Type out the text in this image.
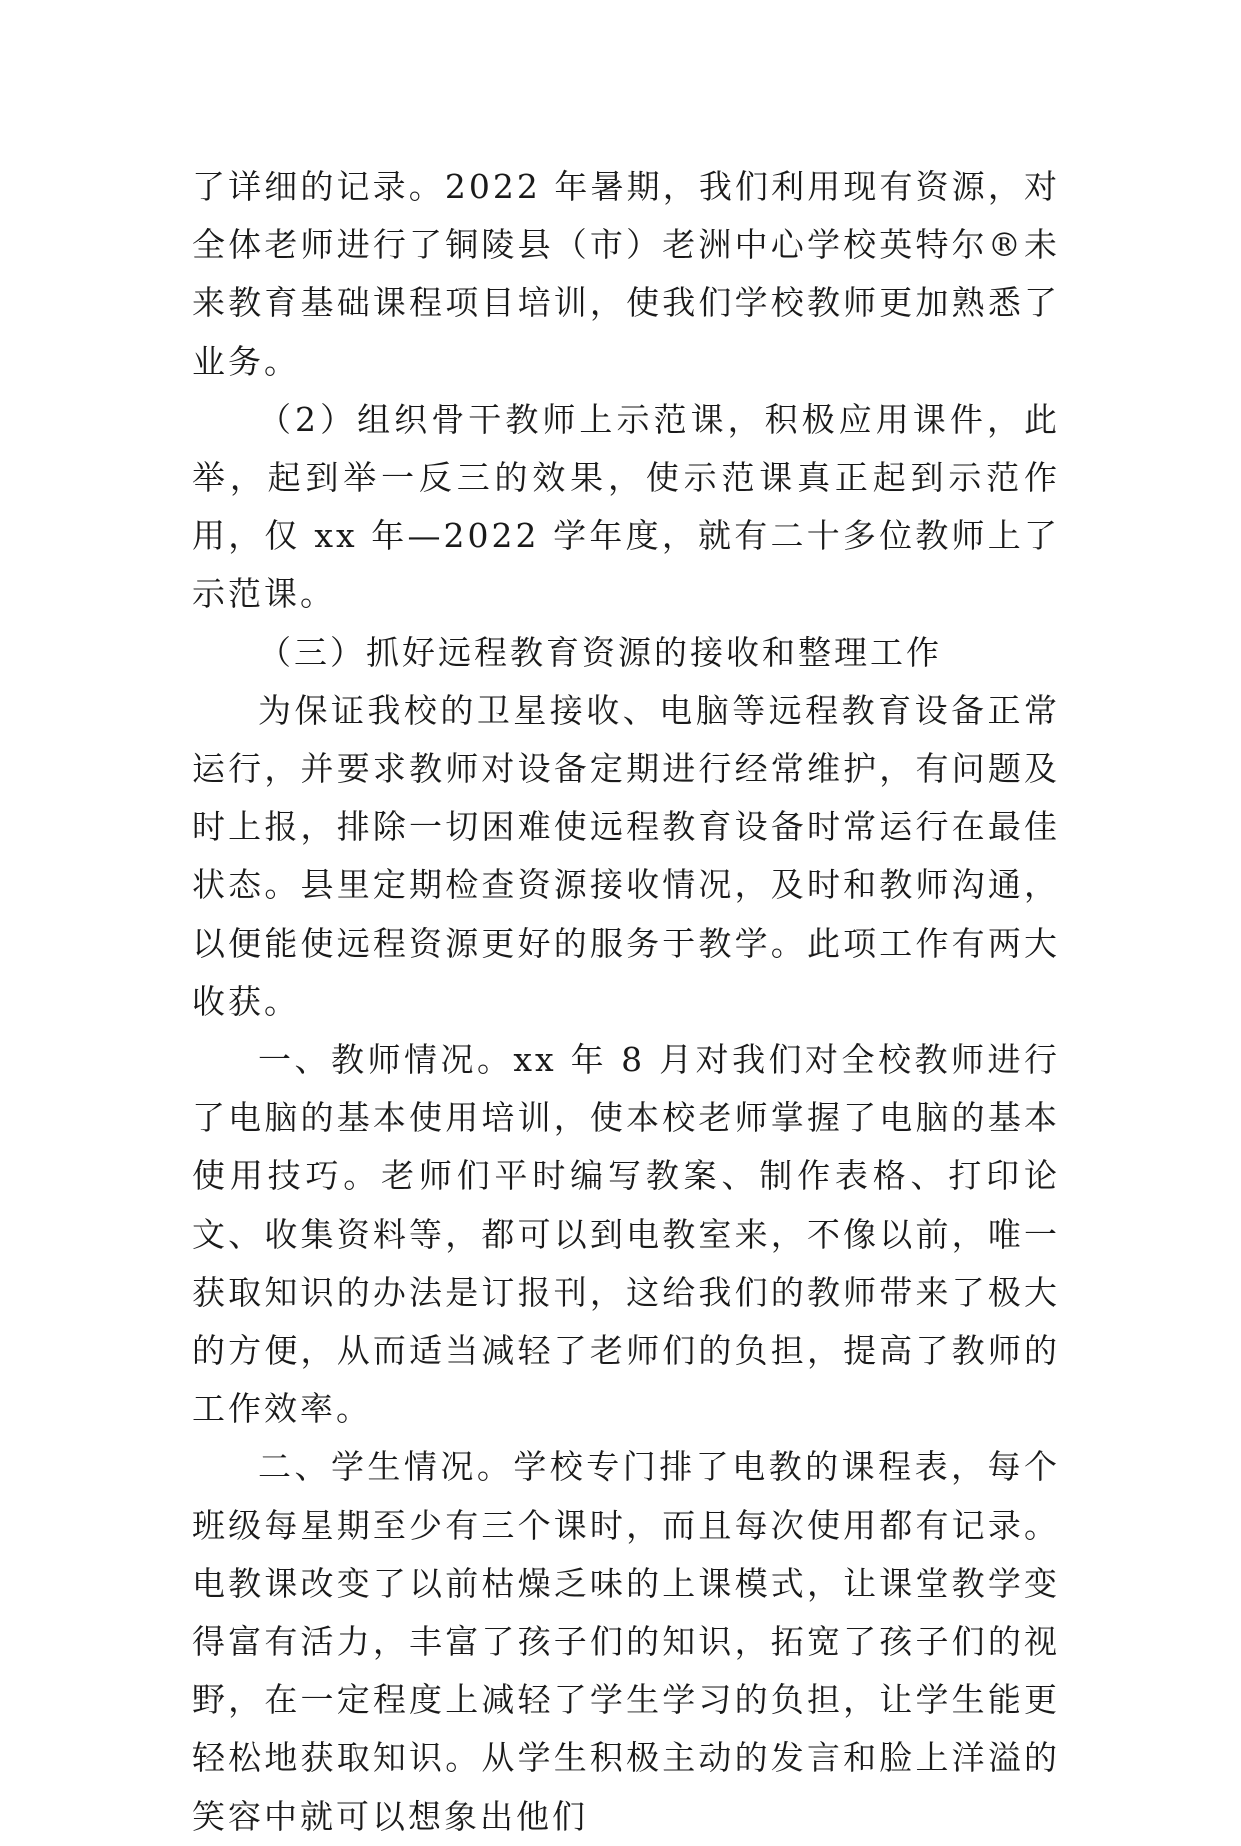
了详细的记录。2022 年暑期，我们利用现有资源，对全体老师进行了铜陵县（市）老洲中心学校英特尔®未来教育基础课程项目培训，使我们学校教师更加熟悉了业务。

（2）组织骨干教师上示范课，积极应用课件，此举，起到举一反三的效果，使示范课真正起到示范作用，仅 xx 年—2022 学年度，就有二十多位教师上了示范课。

（三）抓好远程教育资源的接收和整理工作

为保证我校的卫星接收、电脑等远程教育设备正常运行，并要求教师对设备定期进行经常维护，有问题及时上报，排除一切困难使远程教育设备时常运行在最佳状态。县里定期检查资源接收情况，及时和教师沟通，以便能使远程资源更好的服务于教学。此项工作有两大收获。

一、教师情况。xx 年 8 月对我们对全校教师进行了电脑的基本使用培训，使本校老师掌握了电脑的基本使用技巧。老师们平时编写教案、制作表格、打印论文、收集资料等，都可以到电教室来，不像以前，唯一获取知识的办法是订报刊，这给我们的教师带来了极大的方便，从而适当减轻了老师们的负担，提高了教师的工作效率。

二、学生情况。学校专门排了电教的课程表，每个班级每星期至少有三个课时，而且每次使用都有记录。电教课改变了以前枯燥乏味的上课模式，让课堂教学变得富有活力，丰富了孩子们的知识，拓宽了孩子们的视野，在一定程度上减轻了学生学习的负担，让学生能更轻松地获取知识。从学生积极主动的发言和脸上洋溢的笑容中就可以想象出他们
